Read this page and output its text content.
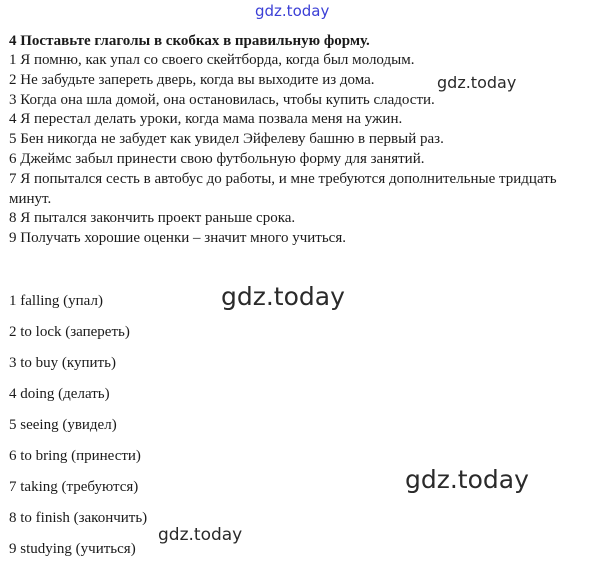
gdz.today
4 Поставьте глаголы в скобках в правильную форму.
1 Я помню, как упал со своего скейтборда, когда был молодым.
2 Не забудьте запереть дверь, когда вы выходите из дома.
3 Когда она шла домой, она остановилась, чтобы купить сладости.
4 Я перестал делать уроки, когда мама позвала меня на ужин.
5 Бен никогда не забудет как увидел Эйфелеву башню в первый раз.
6 Джеймс забыл принести свою футбольную форму для занятий.
7 Я попытался сесть в автобус до работы, и мне требуются дополнительные тридцать минут.
8 Я пытался закончить проект раньше срока.
9 Получать хорошие оценки – значит много учиться.
gdz.today
1 falling (упал)
2 to lock (запереть)
3 to buy (купить)
4 doing (делать)
5 seeing (увидел)
6 to bring (принести)
7 taking (требуются)
8 to finish (закончить)
9 studying (учиться)
gdz.today
gdz.today
gdz.today
